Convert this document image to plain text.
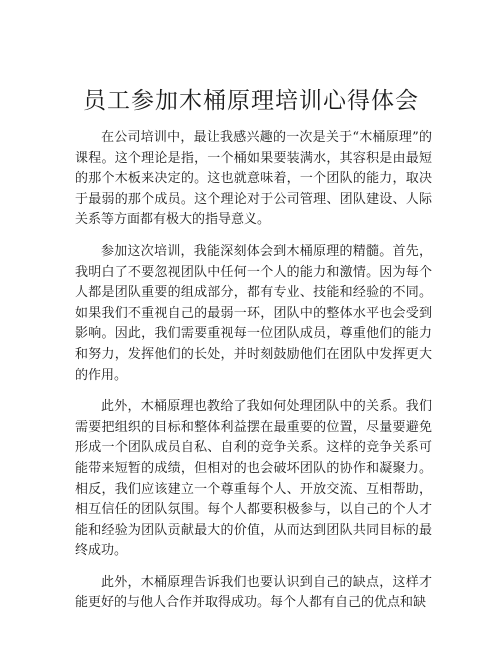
员工参加木桶原理培训心得体会

在公司培训中，最让我感兴趣的一次是关于“木桶原理”的课程。这个理论是指，一个桶如果要装满水，其容积是由最短的那个木板来决定的。这也就意味着，一个团队的能力，取决于最弱的那个成员。这个理论对于公司管理、团队建设、人际关系等方面都有极大的指导意义。

参加这次培训，我能深刻体会到木桶原理的精髓。首先，我明白了不要忽视团队中任何一个人的能力和激情。因为每个人都是团队重要的组成部分，都有专业、技能和经验的不同。如果我们不重视自己的最弱一环，团队中的整体水平也会受到影响。因此，我们需要重视每一位团队成员，尊重他们的能力和努力，发挥他们的长处，并时刻鼓励他们在团队中发挥更大的作用。

此外，木桶原理也教给了我如何处理团队中的关系。我们需要把组织的目标和整体利益摆在最重要的位置，尽量要避免形成一个团队成员自私、自利的竞争关系。这样的竞争关系可能带来短暂的成绩，但相对的也会破坏团队的协作和凝聚力。相反，我们应该建立一个尊重每个人、开放交流、互相帮助，相互信任的团队氛围。每个人都要积极参与，以自己的个人才能和经验为团队贡献最大的价值，从而达到团队共同目标的最终成功。

此外，木桶原理告诉我们也要认识到自己的缺点，这样才能更好的与他人合作并取得成功。每个人都有自己的优点和缺
